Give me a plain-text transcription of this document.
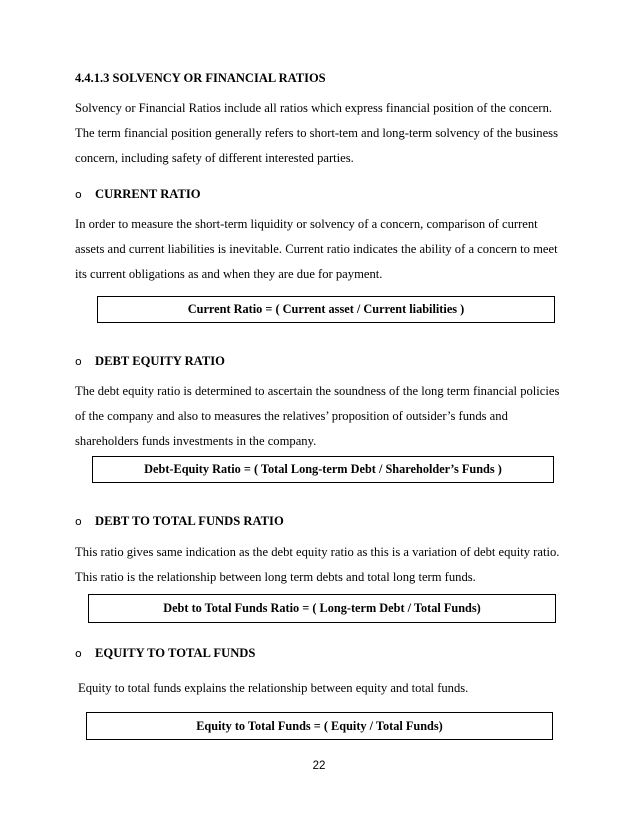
4.4.1.3 SOLVENCY OR FINANCIAL RATIOS
Solvency or Financial Ratios include all ratios which express financial position of the concern.
The term financial position generally refers to short-tem and long-term solvency of the business
concern, including safety of different interested parties.
o CURRENT RATIO
In order to measure the short-term liquidity or solvency of a concern, comparison of current
assets and current liabilities is inevitable. Current ratio indicates the ability of a concern to meet
its current obligations as and when they are due for payment.
Current Ratio = ( Current asset / Current liabilities )
o DEBT EQUITY RATIO
The debt equity ratio is determined to ascertain the soundness of the long term financial policies
of the company and also to measures the relatives’ proposition of outsider’s funds and
shareholders funds investments in the company.
Debt-Equity Ratio = ( Total Long-term Debt / Shareholder’s Funds )
o DEBT TO TOTAL FUNDS RATIO
This ratio gives same indication as the debt equity ratio as this is a variation of debt equity ratio.
This ratio is the relationship between long term debts and total long term funds.
Debt to Total Funds Ratio = ( Long-term Debt / Total Funds)
o EQUITY TO TOTAL FUNDS
Equity to total funds explains the relationship between equity and total funds.
Equity to Total Funds = ( Equity / Total Funds)
22
